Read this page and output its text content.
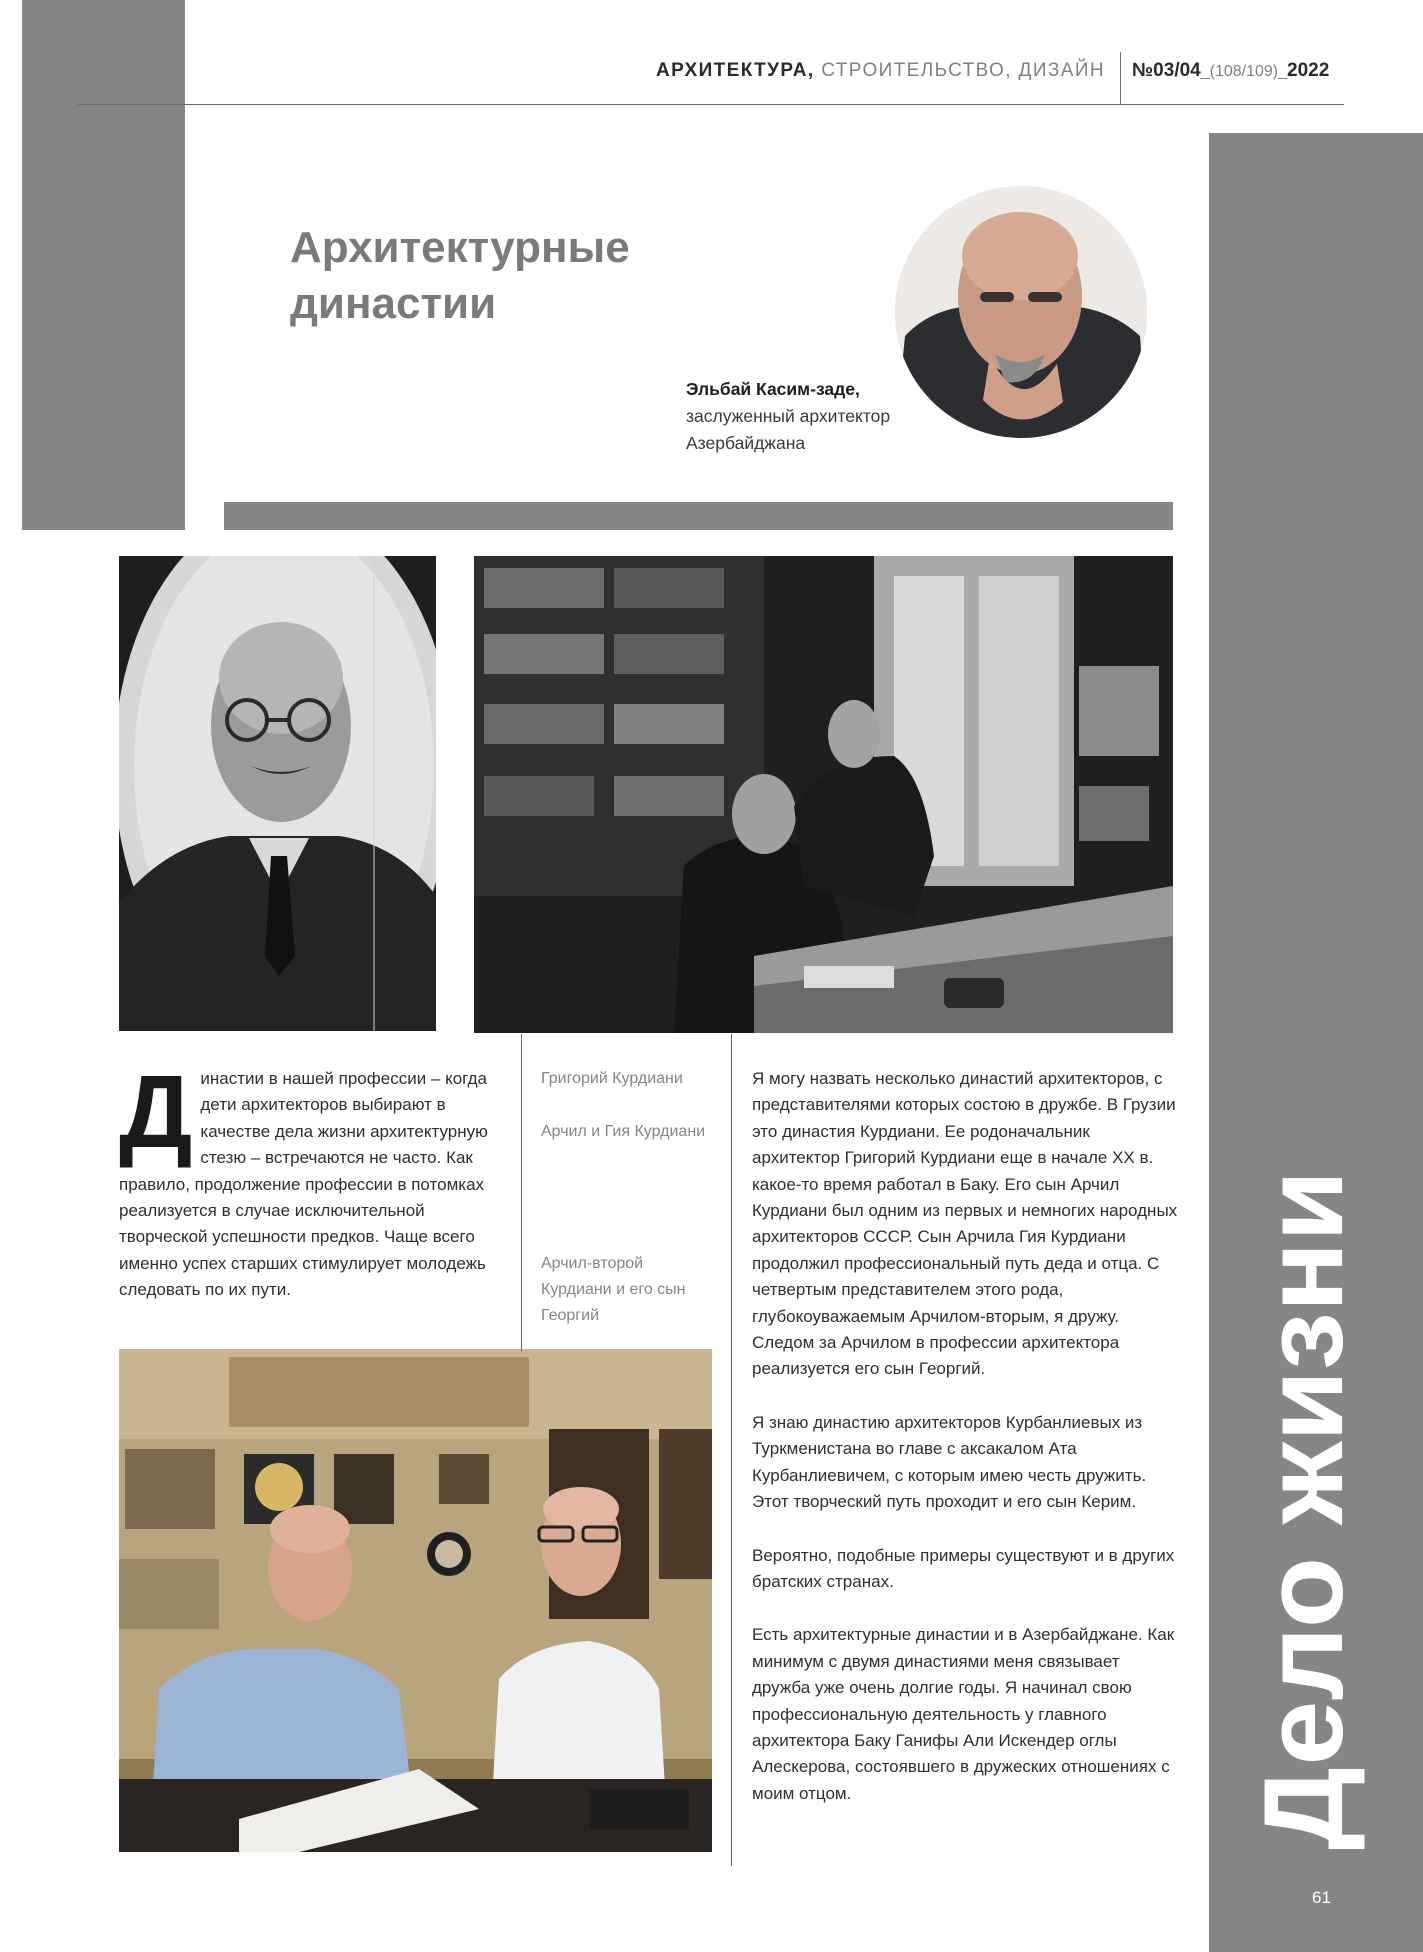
АРХИТЕКТУРА, СТРОИТЕЛЬСТВО, ДИЗАЙН №03/04_(108/109)_2022
Архитектурные
династии
Эльбай Касим-заде,
заслуженный архитектор
Азербайджана
Д инастии в нашей профессии – когда дети архитекторов выбирают в качестве дела жизни архитектурную стезю – встречаются не часто. Как правило, продолжение профессии в потомках реализуется в случае исключительной творческой успешности предков. Чаще всего именно успех старших стимулирует молодежь следовать по их пути.
Григорий Курдиани
Арчил и Гия Курдиани
Арчил-второй Курдиани и его сын Георгий

Я могу назвать несколько династий архитекторов, с представителями которых состою в дружбе. В Грузии это династия Курдиани. Ее родоначальник архитектор Григорий Курдиани еще в начале XX в. какое-то время работал в Баку. Его сын Арчил Курдиани был одним из первых и немногих народных архитекторов СССР. Сын Арчила Гия Курдиани продолжил профессиональный путь деда и отца. С четвертым представителем этого рода, глубокоуважаемым Арчилом-вторым, я дружу. Следом за Арчилом в профессии архитектора реализуется его сын Георгий.

Я знаю династию архитекторов Курбанлиевых из Туркменистана во главе с аксакалом Ата Курбанлиевичем, с которым имею честь дружить. Этот творческий путь проходит и его сын Керим.

Вероятно, подобные примеры существуют и в других братских странах.

Есть архитектурные династии и в Азербайджане. Как минимум с двумя династиями меня связывает дружба уже очень долгие годы. Я начинал свою профессиональную деятельность у главного архитектора Баку Ганифы Али Искендер оглы Алескерова, состоявшего в дружеских отношениях с моим отцом.	Дело жизни
61
